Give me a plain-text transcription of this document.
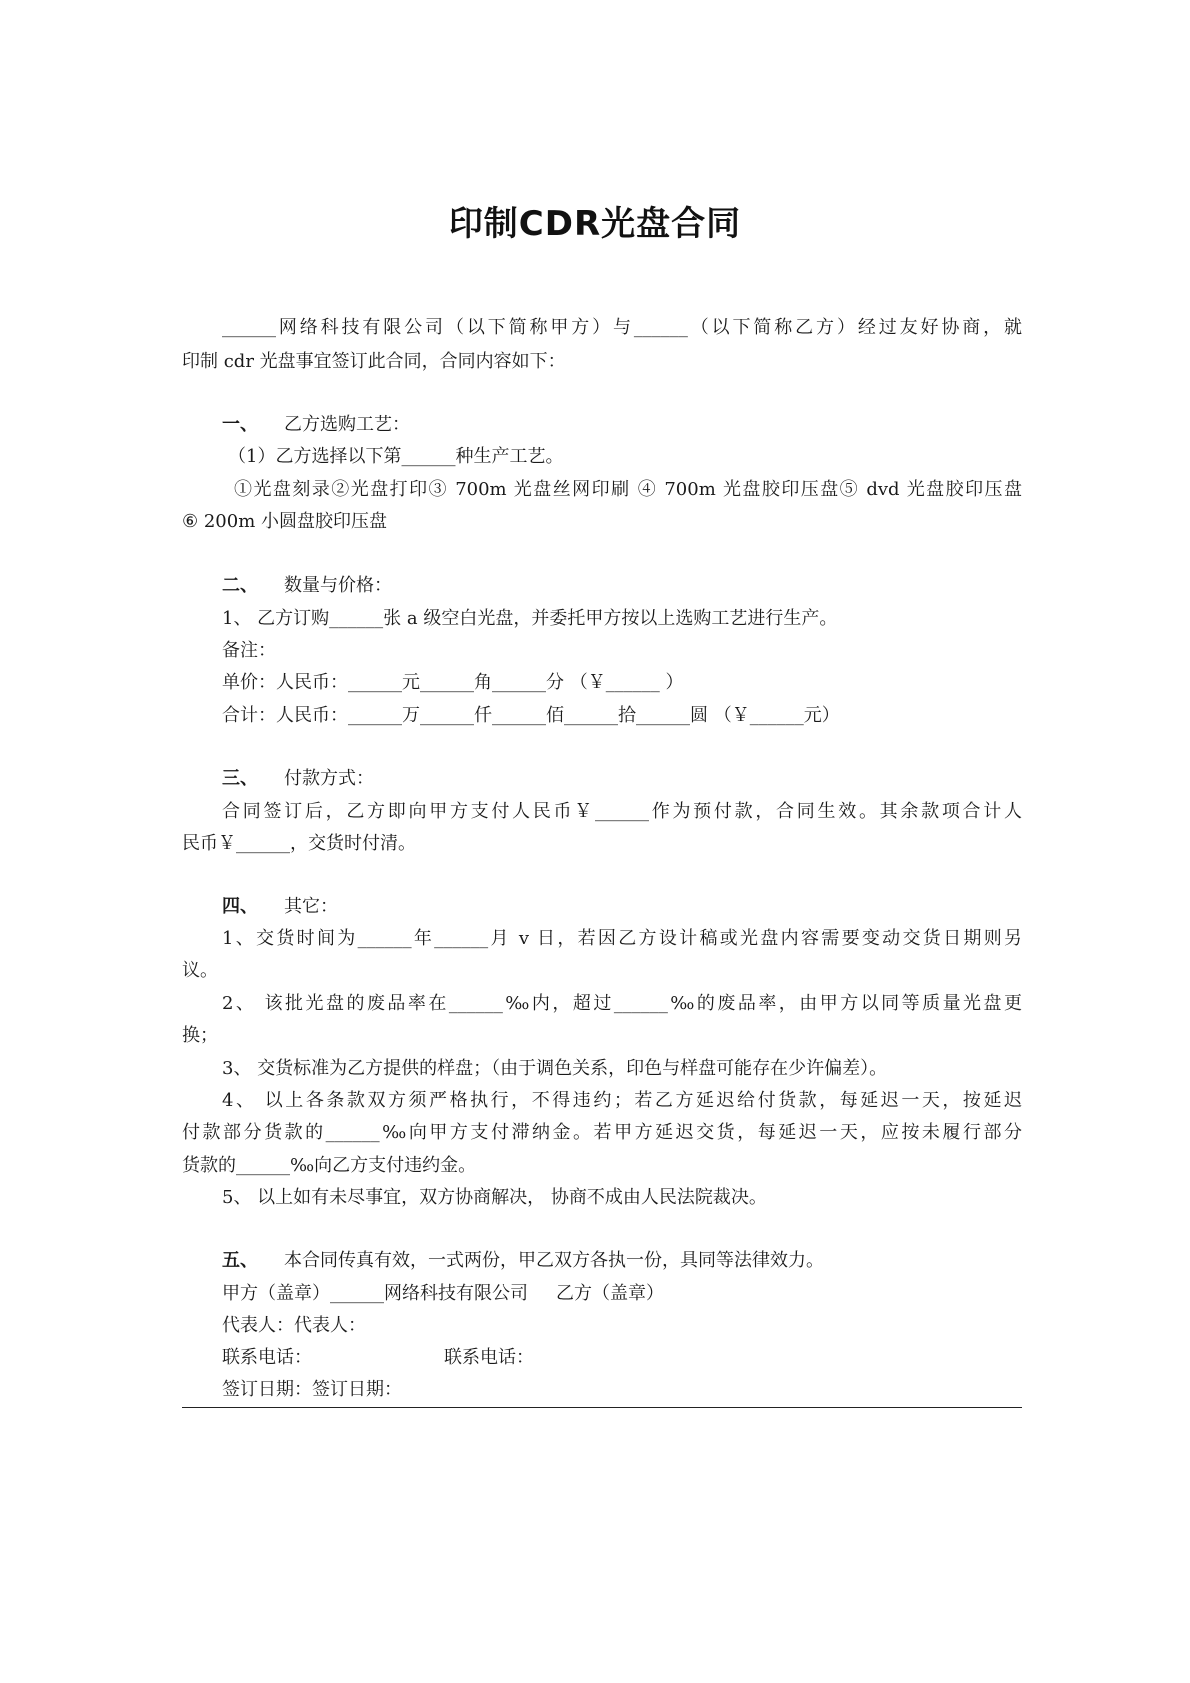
印制CDR光盘合同
______网络科技有限公司（以下简称甲方）与______（以下简称乙方）经过友好协商，就
印制 cdr 光盘事宜签订此合同，合同内容如下：
一、 乙方选购工艺：
（1）乙方选择以下第______种生产工艺。
①光盘刻录②光盘打印③ 700m 光盘丝网印刷 ④ 700m 光盘胶印压盘⑤ dvd 光盘胶印压盘
⑥ 200m 小圆盘胶印压盘
二、 数量与价格：
1、 乙方订购______张 a 级空白光盘，并委托甲方按以上选购工艺进行生产。
备注：
单价：人民币：______元______角______分 （￥______ ）
合计：人民币：______万______仟______佰______拾______圆 （￥______元）
三、 付款方式：
合同签订后，乙方即向甲方支付人民币￥______作为预付款，合同生效。其余款项合计人
民币￥______，交货时付清。
四、 其它：
1、交货时间为______年______月 v 日，若因乙方设计稿或光盘内容需要变动交货日期则另
议。
2、 该批光盘的废品率在______‰内，超过______‰的废品率，由甲方以同等质量光盘更
换；
3、 交货标准为乙方提供的样盘；（由于调色关系，印色与样盘可能存在少许偏差）。
4、 以上各条款双方须严格执行，不得违约；若乙方延迟给付货款，每延迟一天，按延迟
付款部分货款的______‰向甲方支付滞纳金。若甲方延迟交货，每延迟一天，应按未履行部分
货款的______‰向乙方支付违约金。
5、 以上如有未尽事宜，双方协商解决， 协商不成由人民法院裁决。
五、 本合同传真有效，一式两份，甲乙双方各执一份，具同等法律效力。
甲方（盖章）______网络科技有限公司 乙方（盖章）
代表人：代表人：
联系电话：	联系电话：
签订日期：签订日期：
